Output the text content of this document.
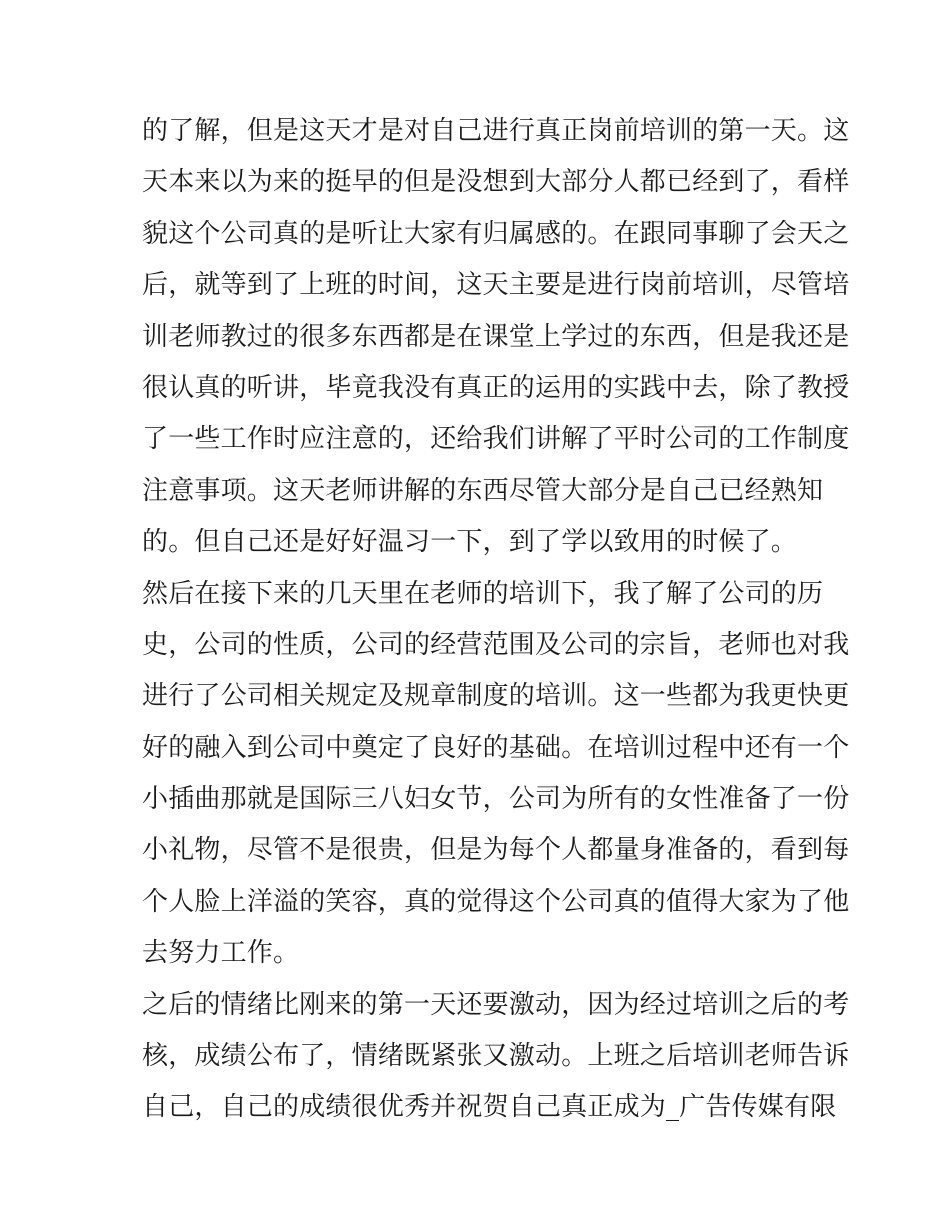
的了解，但是这天才是对自己进行真正岗前培训的第一天。这
天本来以为来的挺早的但是没想到大部分人都已经到了，看样
貌这个公司真的是听让大家有归属感的。在跟同事聊了会天之
后，就等到了上班的时间，这天主要是进行岗前培训，尽管培
训老师教过的很多东西都是在课堂上学过的东西，但是我还是
很认真的听讲，毕竟我没有真正的运用的实践中去，除了教授
了一些工作时应注意的，还给我们讲解了平时公司的工作制度
注意事项。这天老师讲解的东西尽管大部分是自己已经熟知
的。但自己还是好好温习一下，到了学以致用的时候了。
然后在接下来的几天里在老师的培训下，我了解了公司的历
史，公司的性质，公司的经营范围及公司的宗旨，老师也对我
进行了公司相关规定及规章制度的培训。这一些都为我更快更
好的融入到公司中奠定了良好的基础。在培训过程中还有一个
小插曲那就是国际三八妇女节，公司为所有的女性准备了一份
小礼物，尽管不是很贵，但是为每个人都量身准备的，看到每
个人脸上洋溢的笑容，真的觉得这个公司真的值得大家为了他
去努力工作。
之后的情绪比刚来的第一天还要激动，因为经过培训之后的考
核，成绩公布了，情绪既紧张又激动。上班之后培训老师告诉
自己，自己的成绩很优秀并祝贺自己真正成为_广告传媒有限
